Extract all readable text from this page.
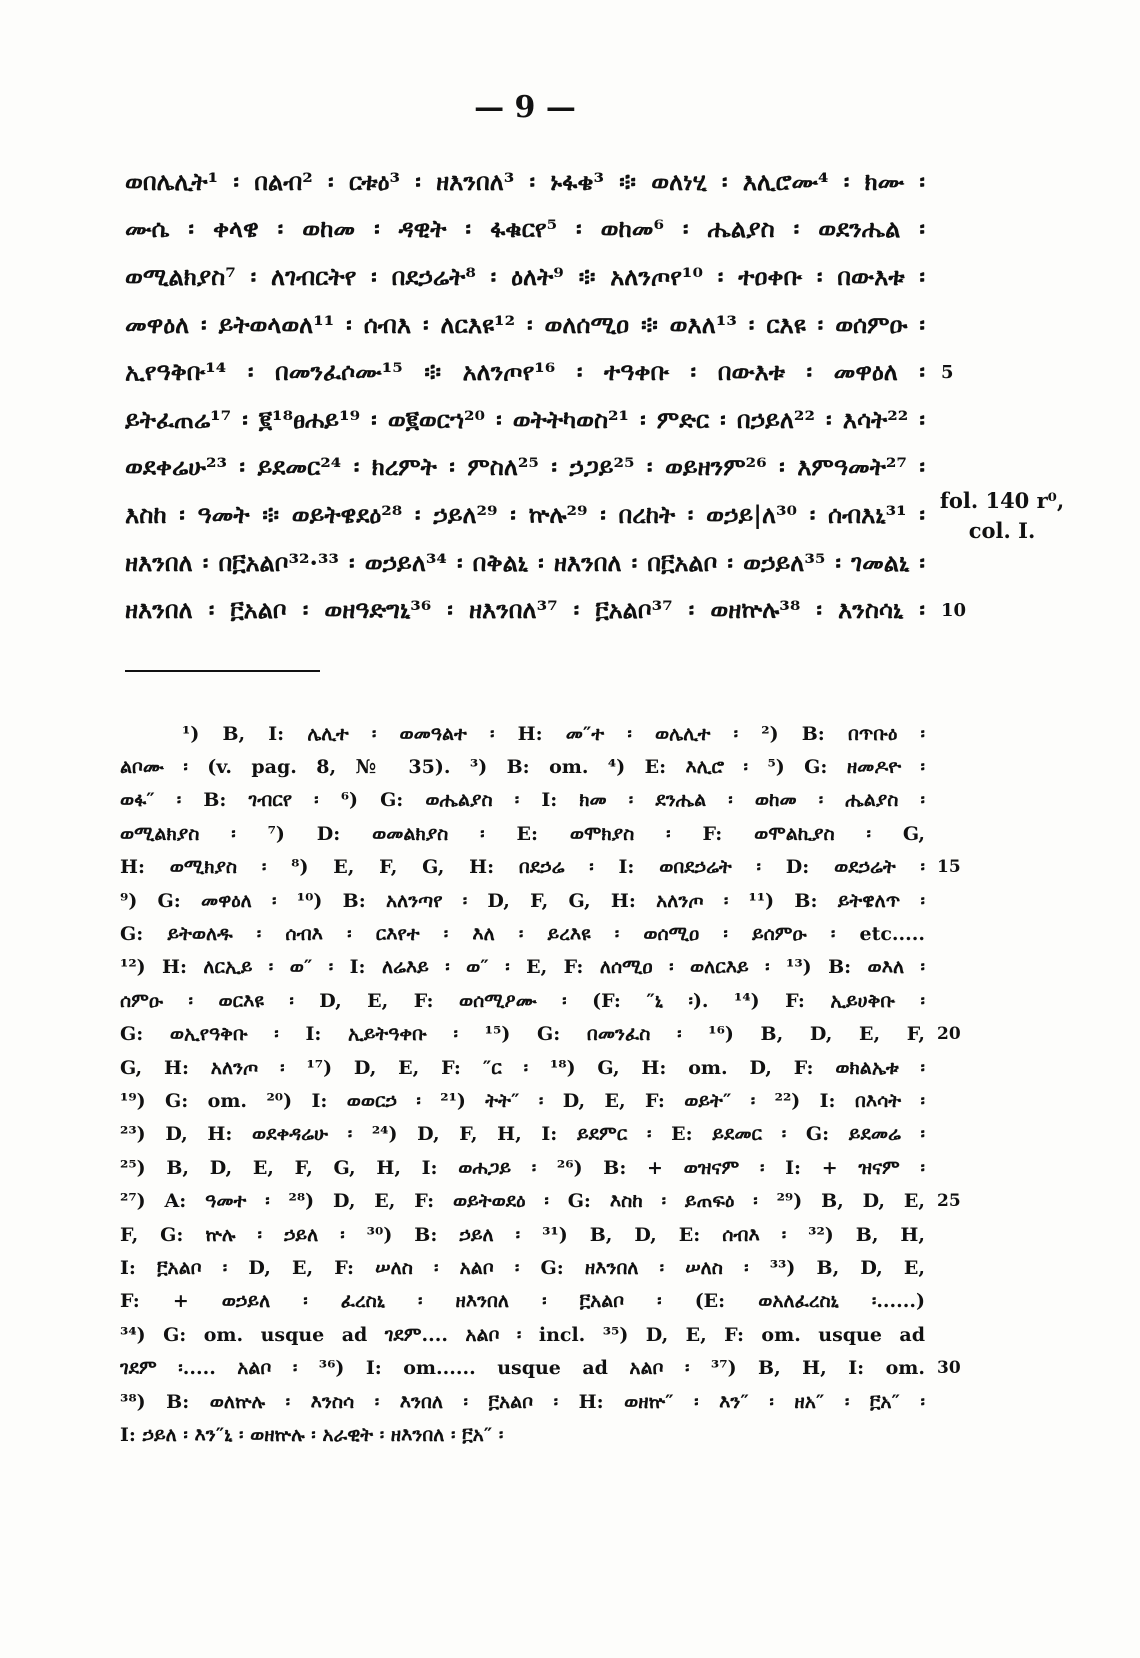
— 9 —
ወበሌሊት¹ ፡ በልብ² ፡ ርቱዕ³ ፡ ዘእንበለ³ ፡ ኑፋቄ³ ፨ ወለነሂ ፡ እሊሮሙ⁴ ፡ ክሙ ፡
ሙሴ ፡ ቀላዌ ፡ ወከመ ፡ ዳዊት ፡ ፋቁርየ⁵ ፡ ወከመ⁶ ፡ ሔልያስ ፡ ወደንሔል ፡
ወሚልክያስ⁷ ፡ ለገብርትየ ፡ በደኃሬት⁸ ፡ ዕለት⁹ ፨ አለንጦየ¹⁰ ፡ ተዐቀቡ ፡ በውእቱ ፡
መዋዕለ ፡ ይትወላወለ¹¹ ፡ ሰብእ ፡ ለርእዩ¹² ፡ ወለሰሚዐ ፨ ወእለ¹³ ፡ ርእዩ ፡ ወሰምዑ ፡
ኢየዓቅቡ¹⁴ ፡ በመንፈሶሙ¹⁵ ፨ አለንጦየ¹⁶ ፡ ተዓቀቡ ፡ በውእቱ ፡ መዋዕለ ፡ 5
ይትፈጠሬ¹⁷ ፡ ፪¹⁸ፀሐይ¹⁹ ፡ ወ፪ወርኀ²⁰ ፡ ወትትካወስ²¹ ፡ ምድር ፡ በኃይለ²² ፡ እሳት²² ፡
ወደቀሬሁ²³ ፡ ይደመር²⁴ ፡ ክረምት ፡ ምስለ²⁵ ፡ ኃጋይ²⁵ ፡ ወይዘንም²⁶ ፡ እምዓመት²⁷ ፡
እስከ ፡ ዓመት ፨ ወይትዌደዕ²⁸ ፡ ኃይለ²⁹ ፡ ኵሉ²⁹ ፡ በረከት ፡ ወኃይ|ለ³⁰ ፡ ሰብእኒ³¹ ፡
ዘእንበለ ፡ በ፫አልቦ³²·³³ ፡ ወኃይለ³⁴ ፡ በቅልኒ ፡ ዘእንበለ ፡ በ፫አልቦ ፡ ወኃይለ³⁵ ፡ ገመልኒ ፡
ዘእንበለ ፡ ፫አልቦ ፡ ወዘዓድግኒ³⁶ ፡ ዘእንበለ³⁷ ፡ ፫አልቦ³⁷ ፡ ወዘኵሉ³⁸ ፡ እንስሳኒ ፡ 10
fol. 140 r⁰,
col. I.
¹) B, I: ሌሊተ ፡ ወመዓልተ ፡ H: መ″ተ ፡ ወሌሊተ ፡ ²) B: በጥቡዕ ፡
ልቦሙ ፡ (v. pag. 8, № 35). ³) B: om. ⁴) E: እሊሮ ፡ ⁵) G: ዘመዶዮ ፡
ወፋ″ ፡ B: ገብርየ ፡ ⁶) G: ወሔልያስ ፡ I: ክመ ፡ ደንሔል ፡ ወከመ ፡ ሔልያስ ፡
ወሚልክያስ ፡ ⁷) D: ወመልክያስ ፡ E: ወሞክያስ ፡ F: ወሞልኪያስ ፡ G,
H: ወሚክያስ ፡ ⁸) E, F, G, H: በደኃሬ ፡ I: ወበደኃሬት ፡ D: ወደኃሬት ፡ 15
⁹) G: መዋዕለ ፡ ¹⁰) B: አለንጣየ ፡ D, F, G, H: አለንጦ ፡ ¹¹) B: ይትዌለጥ ፡
G: ይትወለዱ ፡ ሰብእ ፡ ርእየተ ፡ እለ ፡ ይረእዩ ፡ ወሰሚዐ ፡ ይሰምዑ ፡ etc.....
¹²) H: ለርኢይ ፡ ወ″ ፡ I: ለሬእይ ፡ ወ″ ፡ E, F: ለሰሚዐ ፡ ወለርእይ ፡ ¹³) B: ወእለ ፡
ሰምዑ ፡ ወርእዩ ፡ D, E, F: ወሰሚዖሙ ፡ (F: ″ኒ ፡). ¹⁴) F: ኢይሀቅቡ ፡
G: ወኢየዓቅቡ ፡ I: ኢይትዓቀቡ ፡ ¹⁵) G: በመንፈስ ፡ ¹⁶) B, D, E, F, 20
G, H: አለንጦ ፡ ¹⁷) D, E, F: ″ር ፡ ¹⁸) G, H: om. D, F: ወክልኤቱ ፡
¹⁹) G: om. ²⁰) I: ወወርኃ ፡ ²¹) ትት″ ፡ D, E, F: ወይት″ ፡ ²²) I: በእሳት ፡
²³) D, H: ወደቀዳሬሁ ፡ ²⁴) D, F, H, I: ይደምር ፡ E: ይደመር ፡ G: ይደመሬ ፡
²⁵) B, D, E, F, G, H, I: ወሐጋይ ፡ ²⁶) B: + ወዝናም ፡ I: + ዝናም ፡
²⁷) A: ዓመተ ፡ ²⁸) D, E, F: ወይትወደዕ ፡ G: እስከ ፡ ይጠፍዕ ፡ ²⁹) B, D, E, 25
F, G: ኵሉ ፡ ኃይለ ፡ ³⁰) B: ኃይለ ፡ ³¹) B, D, E: ሰብእ ፡ ³²) B, H,
I: ፫አልቦ ፡ D, E, F: ሠለስ ፡ አልቦ ፡ G: ዘእንበለ ፡ ሠለስ ፡ ³³) B, D, E,
F: + ወኃይለ ፡ ፈረስኒ ፡ ዘእንበለ ፡ ፫አልቦ ፡ (E: ወአለፈረስኒ ፡......)
³⁴) G: om. usque ad ገደም.... አልቦ ፡ incl. ³⁵) D, E, F: om. usque ad
ገደም ፡..... አልቦ ፡ ³⁶) I: om...... usque ad አልቦ ፡ ³⁷) B, H, I: om. 30
³⁸) B: ወለኵሉ ፡ እንስሳ ፡ እንበለ ፡ ፫አልቦ ፡ H: ወዘኵ″ ፡ እን″ ፡ ዘአ″ ፡ ፫አ″ ፡
I: ኃይለ ፡ እን″ኒ ፡ ወዘኵሉ ፡ አራዊት ፡ ዘእንበለ ፡ ፫አ″ ፡
